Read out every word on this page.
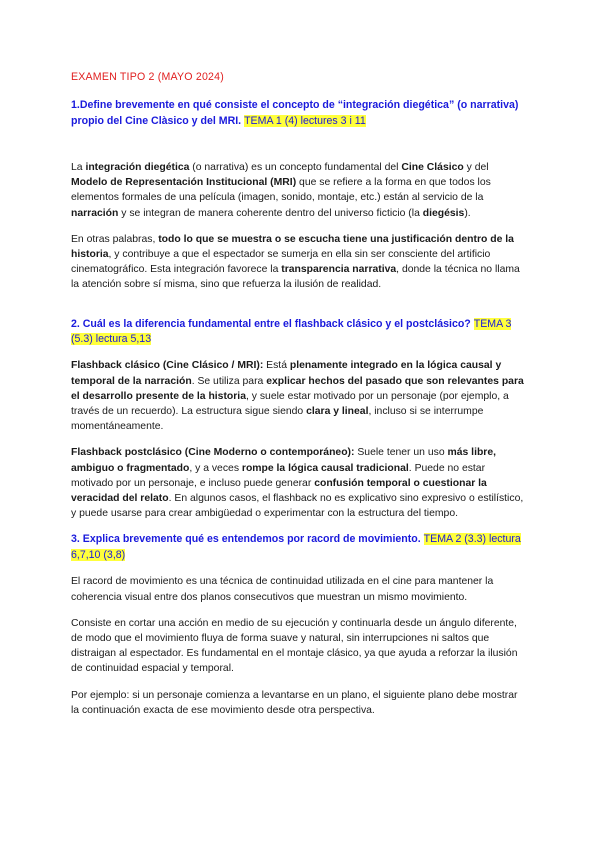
EXAMEN TIPO 2 (MAYO 2024)

1.Define brevemente en qué consiste el concepto de “integración diegética” (o narrativa) propio del Cine Clàsico y del MRI. TEMA 1 (4) lectures 3 i 11

La integración diegética (o narrativa) es un concepto fundamental del Cine Clásico y del Modelo de Representación Institucional (MRI) que se refiere a la forma en que todos los elementos formales de una película (imagen, sonido, montaje, etc.) están al servicio de la narración y se integran de manera coherente dentro del universo ficticio (la diegésis).

En otras palabras, todo lo que se muestra o se escucha tiene una justificación dentro de la historia, y contribuye a que el espectador se sumerja en ella sin ser consciente del artificio cinematográfico. Esta integración favorece la transparencia narrativa, donde la técnica no llama la atención sobre sí misma, sino que refuerza la ilusión de realidad.

2. Cuál es la diferencia fundamental entre el flashback clásico y el postclásico? TEMA 3 (5.3) lectura 5,13

Flashback clásico (Cine Clásico / MRI): Está plenamente integrado en la lógica causal y temporal de la narración. Se utiliza para explicar hechos del pasado que son relevantes para el desarrollo presente de la historia, y suele estar motivado por un personaje (por ejemplo, a través de un recuerdo). La estructura sigue siendo clara y lineal, incluso si se interrumpe momentáneamente.

Flashback postclásico (Cine Moderno o contemporáneo): Suele tener un uso más libre, ambiguo o fragmentado, y a veces rompe la lógica causal tradicional. Puede no estar motivado por un personaje, e incluso puede generar confusión temporal o cuestionar la veracidad del relato. En algunos casos, el flashback no es explicativo sino expresivo o estilístico, y puede usarse para crear ambigüedad o experimentar con la estructura del tiempo.

3. Explica brevemente qué es entendemos por racord de movimiento. TEMA 2 (3.3) lectura 6,7,10 (3,8)

El racord de movimiento es una técnica de continuidad utilizada en el cine para mantener la coherencia visual entre dos planos consecutivos que muestran un mismo movimiento.

Consiste en cortar una acción en medio de su ejecución y continuarla desde un ángulo diferente, de modo que el movimiento fluya de forma suave y natural, sin interrupciones ni saltos que distraigan al espectador. Es fundamental en el montaje clásico, ya que ayuda a reforzar la ilusión de continuidad espacial y temporal.

Por ejemplo: si un personaje comienza a levantarse en un plano, el siguiente plano debe mostrar la continuación exacta de ese movimiento desde otra perspectiva.
